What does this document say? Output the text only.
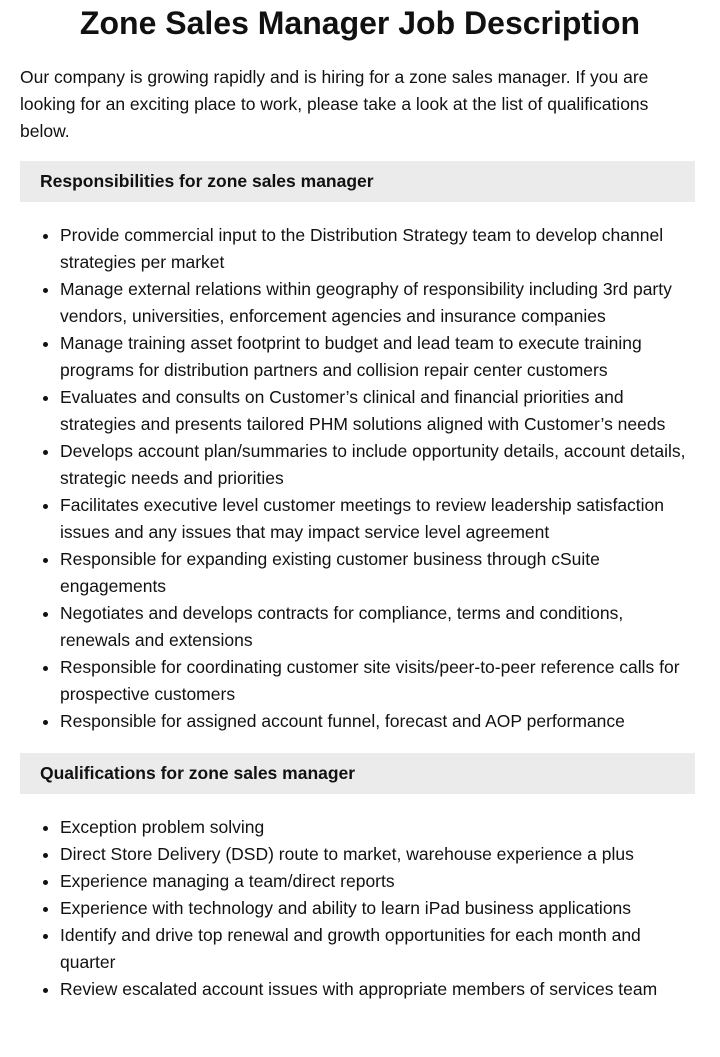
Zone Sales Manager Job Description

Our company is growing rapidly and is hiring for a zone sales manager. If you are looking for an exciting place to work, please take a look at the list of qualifications below.

Responsibilities for zone sales manager
• Provide commercial input to the Distribution Strategy team to develop channel strategies per market
• Manage external relations within geography of responsibility including 3rd party vendors, universities, enforcement agencies and insurance companies
• Manage training asset footprint to budget and lead team to execute training programs for distribution partners and collision repair center customers
• Evaluates and consults on Customer’s clinical and financial priorities and strategies and presents tailored PHM solutions aligned with Customer’s needs
• Develops account plan/summaries to include opportunity details, account details, strategic needs and priorities
• Facilitates executive level customer meetings to review leadership satisfaction issues and any issues that may impact service level agreement
• Responsible for expanding existing customer business through cSuite engagements
• Negotiates and develops contracts for compliance, terms and conditions, renewals and extensions
• Responsible for coordinating customer site visits/peer-to-peer reference calls for prospective customers
• Responsible for assigned account funnel, forecast and AOP performance
Qualifications for zone sales manager
• Exception problem solving
• Direct Store Delivery (DSD) route to market, warehouse experience a plus
• Experience managing a team/direct reports
• Experience with technology and ability to learn iPad business applications
• Identify and drive top renewal and growth opportunities for each month and quarter
• Review escalated account issues with appropriate members of services team
